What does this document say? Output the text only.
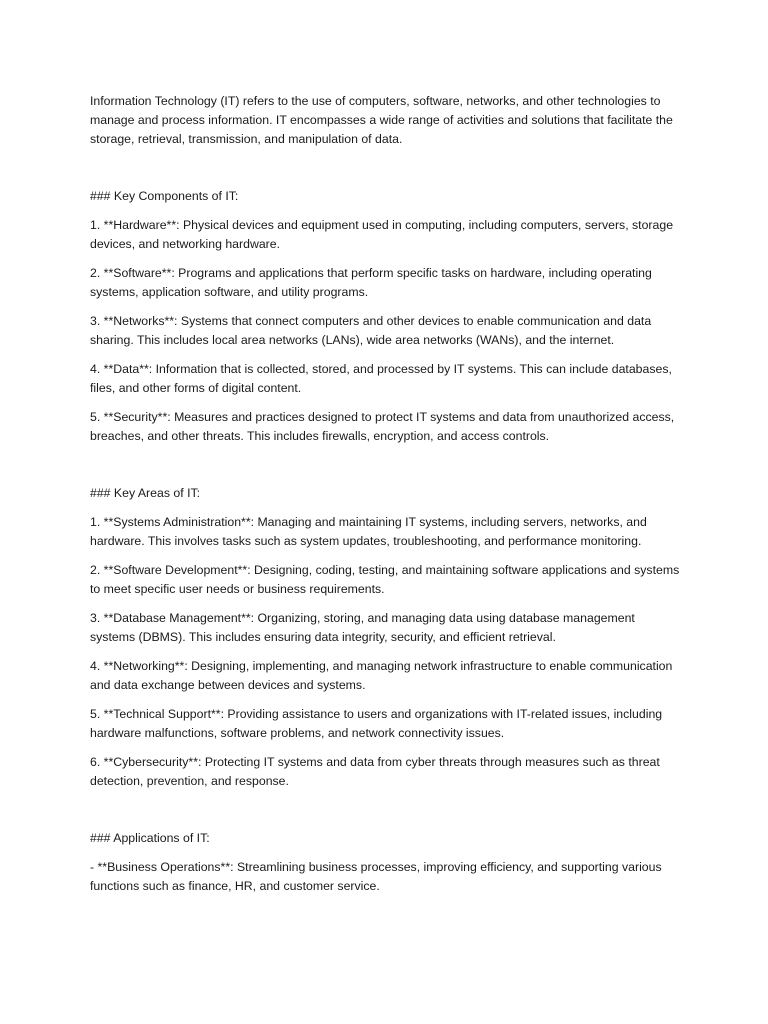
Information Technology (IT) refers to the use of computers, software, networks, and other technologies to manage and process information. IT encompasses a wide range of activities and solutions that facilitate the storage, retrieval, transmission, and manipulation of data.

### Key Components of IT:

1. **Hardware**: Physical devices and equipment used in computing, including computers, servers, storage devices, and networking hardware.

2. **Software**: Programs and applications that perform specific tasks on hardware, including operating systems, application software, and utility programs.

3. **Networks**: Systems that connect computers and other devices to enable communication and data sharing. This includes local area networks (LANs), wide area networks (WANs), and the internet.

4. **Data**: Information that is collected, stored, and processed by IT systems. This can include databases, files, and other forms of digital content.

5. **Security**: Measures and practices designed to protect IT systems and data from unauthorized access, breaches, and other threats. This includes firewalls, encryption, and access controls.

### Key Areas of IT:

1. **Systems Administration**: Managing and maintaining IT systems, including servers, networks, and hardware. This involves tasks such as system updates, troubleshooting, and performance monitoring.

2. **Software Development**: Designing, coding, testing, and maintaining software applications and systems to meet specific user needs or business requirements.

3. **Database Management**: Organizing, storing, and managing data using database management systems (DBMS). This includes ensuring data integrity, security, and efficient retrieval.

4. **Networking**: Designing, implementing, and managing network infrastructure to enable communication and data exchange between devices and systems.

5. **Technical Support**: Providing assistance to users and organizations with IT-related issues, including hardware malfunctions, software problems, and network connectivity issues.

6. **Cybersecurity**: Protecting IT systems and data from cyber threats through measures such as threat detection, prevention, and response.

### Applications of IT:

- **Business Operations**: Streamlining business processes, improving efficiency, and supporting various functions such as finance, HR, and customer service.
